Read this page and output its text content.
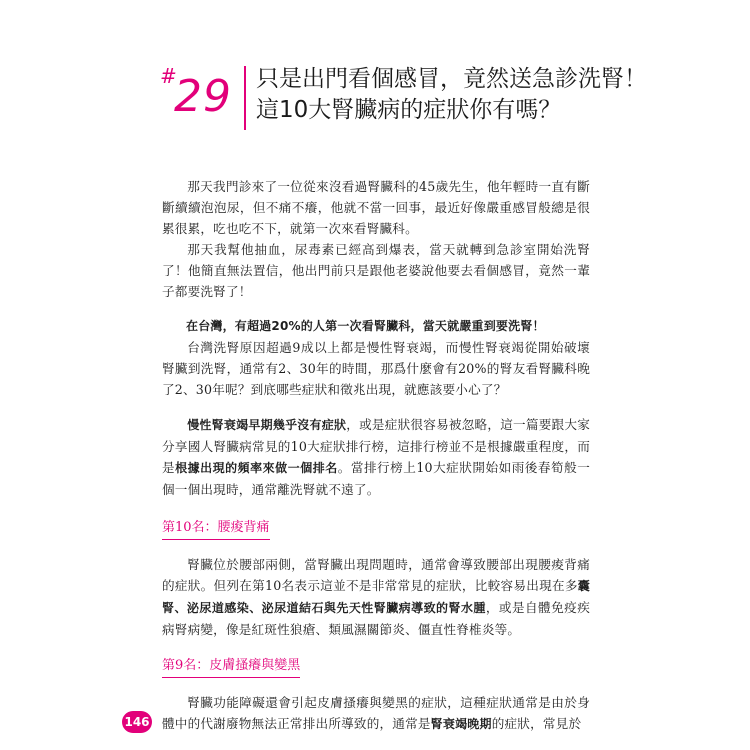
#
29 只是出門看個感冒，竟然送急診洗腎！
這10大腎臟病的症狀你有嗎？

那天我門診來了一位從來沒看過腎臟科的45歲先生，他年輕時一直有斷斷續續泡泡尿，但不痛不癢，他就不當一回事，最近好像嚴重感冒般總是很累很累，吃也吃不下，就第一次來看腎臟科。

那天我幫他抽血，尿毒素已經高到爆表，當天就轉到急診室開始洗腎了！他簡直無法置信，他出門前只是跟他老婆說他要去看個感冒，竟然一輩子都要洗腎了！

在台灣，有超過20%的人第一次看腎臟科，當天就嚴重到要洗腎！

台灣洗腎原因超過9成以上都是慢性腎衰竭，而慢性腎衰竭從開始破壞腎臟到洗腎，通常有2、30年的時間，那爲什麼會有20%的腎友看腎臟科晚了2、30年呢？到底哪些症狀和徵兆出現，就應該要小心了？

慢性腎衰竭早期幾乎沒有症狀，或是症狀很容易被忽略，這一篇要跟大家分享國人腎臟病常見的10大症狀排行榜，這排行榜並不是根據嚴重程度，而是根據出現的頻率來做一個排名。當排行榜上10大症狀開始如雨後春筍般一個一個出現時，通常離洗腎就不遠了。

第10名：腰痠背痛

腎臟位於腰部兩側，當腎臟出現問題時，通常會導致腰部出現腰痠背痛的症狀。但列在第10名表示這並不是非常常見的症狀，比較容易出現在多囊腎、泌尿道感染、泌尿道結石與先天性腎臟病導致的腎水腫，或是自體免疫疾病腎病變，像是紅斑性狼瘡、類風濕關節炎、僵直性脊椎炎等。

第9名：皮膚搔癢與變黑

腎臟功能障礙還會引起皮膚搔癢與變黑的症狀，這種症狀通常是由於身體中的代謝廢物無法正常排出所導致的，通常是腎衰竭晚期的症狀，常見於

146
